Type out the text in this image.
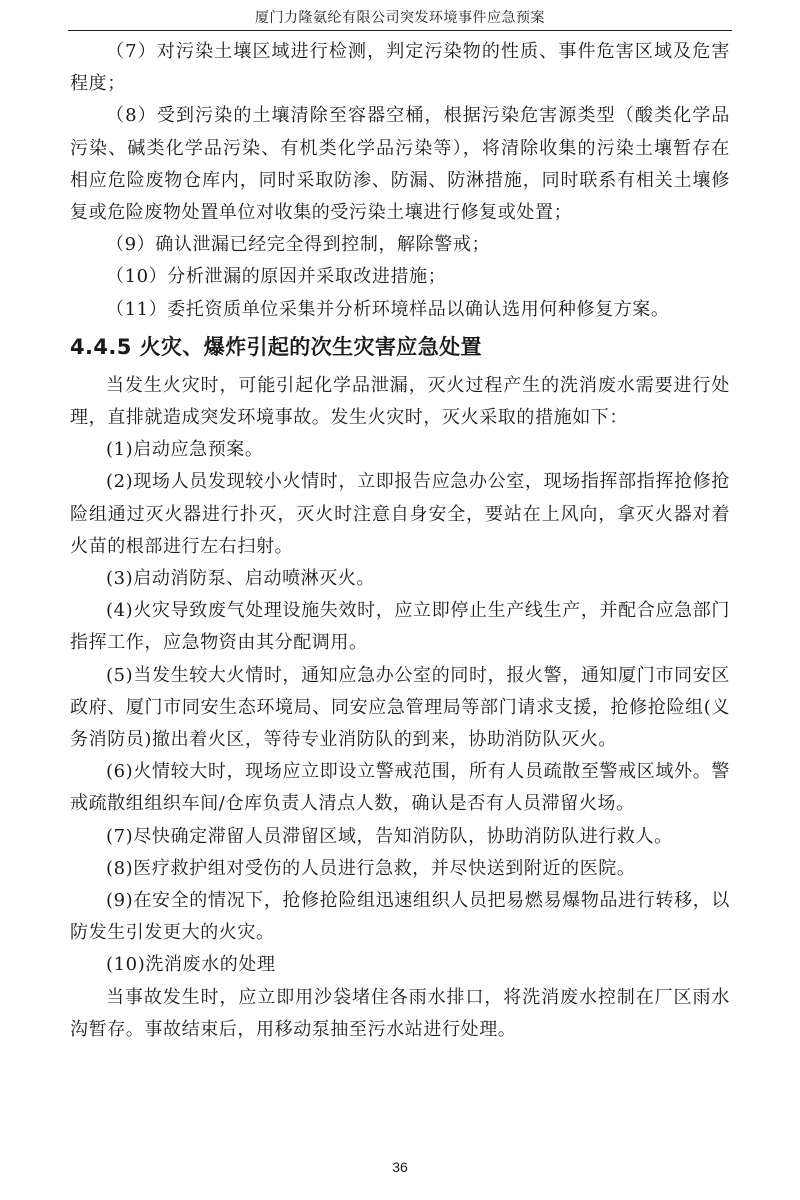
厦门力隆氨纶有限公司突发环境事件应急预案

（7）对污染土壤区域进行检测，判定污染物的性质、事件危害区域及危害程度；

（8）受到污染的土壤清除至容器空桶，根据污染危害源类型（酸类化学品污染、碱类化学品污染、有机类化学品污染等），将清除收集的污染土壤暂存在相应危险废物仓库内，同时采取防渗、防漏、防淋措施，同时联系有相关土壤修复或危险废物处置单位对收集的受污染土壤进行修复或处置；

（9）确认泄漏已经完全得到控制，解除警戒；

（10）分析泄漏的原因并采取改进措施；

（11）委托资质单位采集并分析环境样品以确认选用何种修复方案。

4.4.5 火灾、爆炸引起的次生灾害应急处置

当发生火灾时，可能引起化学品泄漏，灭火过程产生的洗消废水需要进行处理，直排就造成突发环境事故。发生火灾时，灭火采取的措施如下：

(1)启动应急预案。

(2)现场人员发现较小火情时，立即报告应急办公室，现场指挥部指挥抢修抢险组通过灭火器进行扑灭，灭火时注意自身安全，要站在上风向，拿灭火器对着火苗的根部进行左右扫射。

(3)启动消防泵、启动喷淋灭火。

(4)火灾导致废气处理设施失效时，应立即停止生产线生产，并配合应急部门指挥工作，应急物资由其分配调用。

(5)当发生较大火情时，通知应急办公室的同时，报火警，通知厦门市同安区政府、厦门市同安生态环境局、同安应急管理局等部门请求支援，抢修抢险组(义务消防员)撤出着火区，等待专业消防队的到来，协助消防队灭火。

(6)火情较大时，现场应立即设立警戒范围，所有人员疏散至警戒区域外。警戒疏散组组织车间/仓库负责人清点人数，确认是否有人员滞留火场。

(7)尽快确定滞留人员滞留区域，告知消防队，协助消防队进行救人。

(8)医疗救护组对受伤的人员进行急救，并尽快送到附近的医院。

(9)在安全的情况下，抢修抢险组迅速组织人员把易燃易爆物品进行转移，以防发生引发更大的火灾。

(10)洗消废水的处理

当事故发生时，应立即用沙袋堵住各雨水排口，将洗消废水控制在厂区雨水沟暂存。事故结束后，用移动泵抽至污水站进行处理。

36
